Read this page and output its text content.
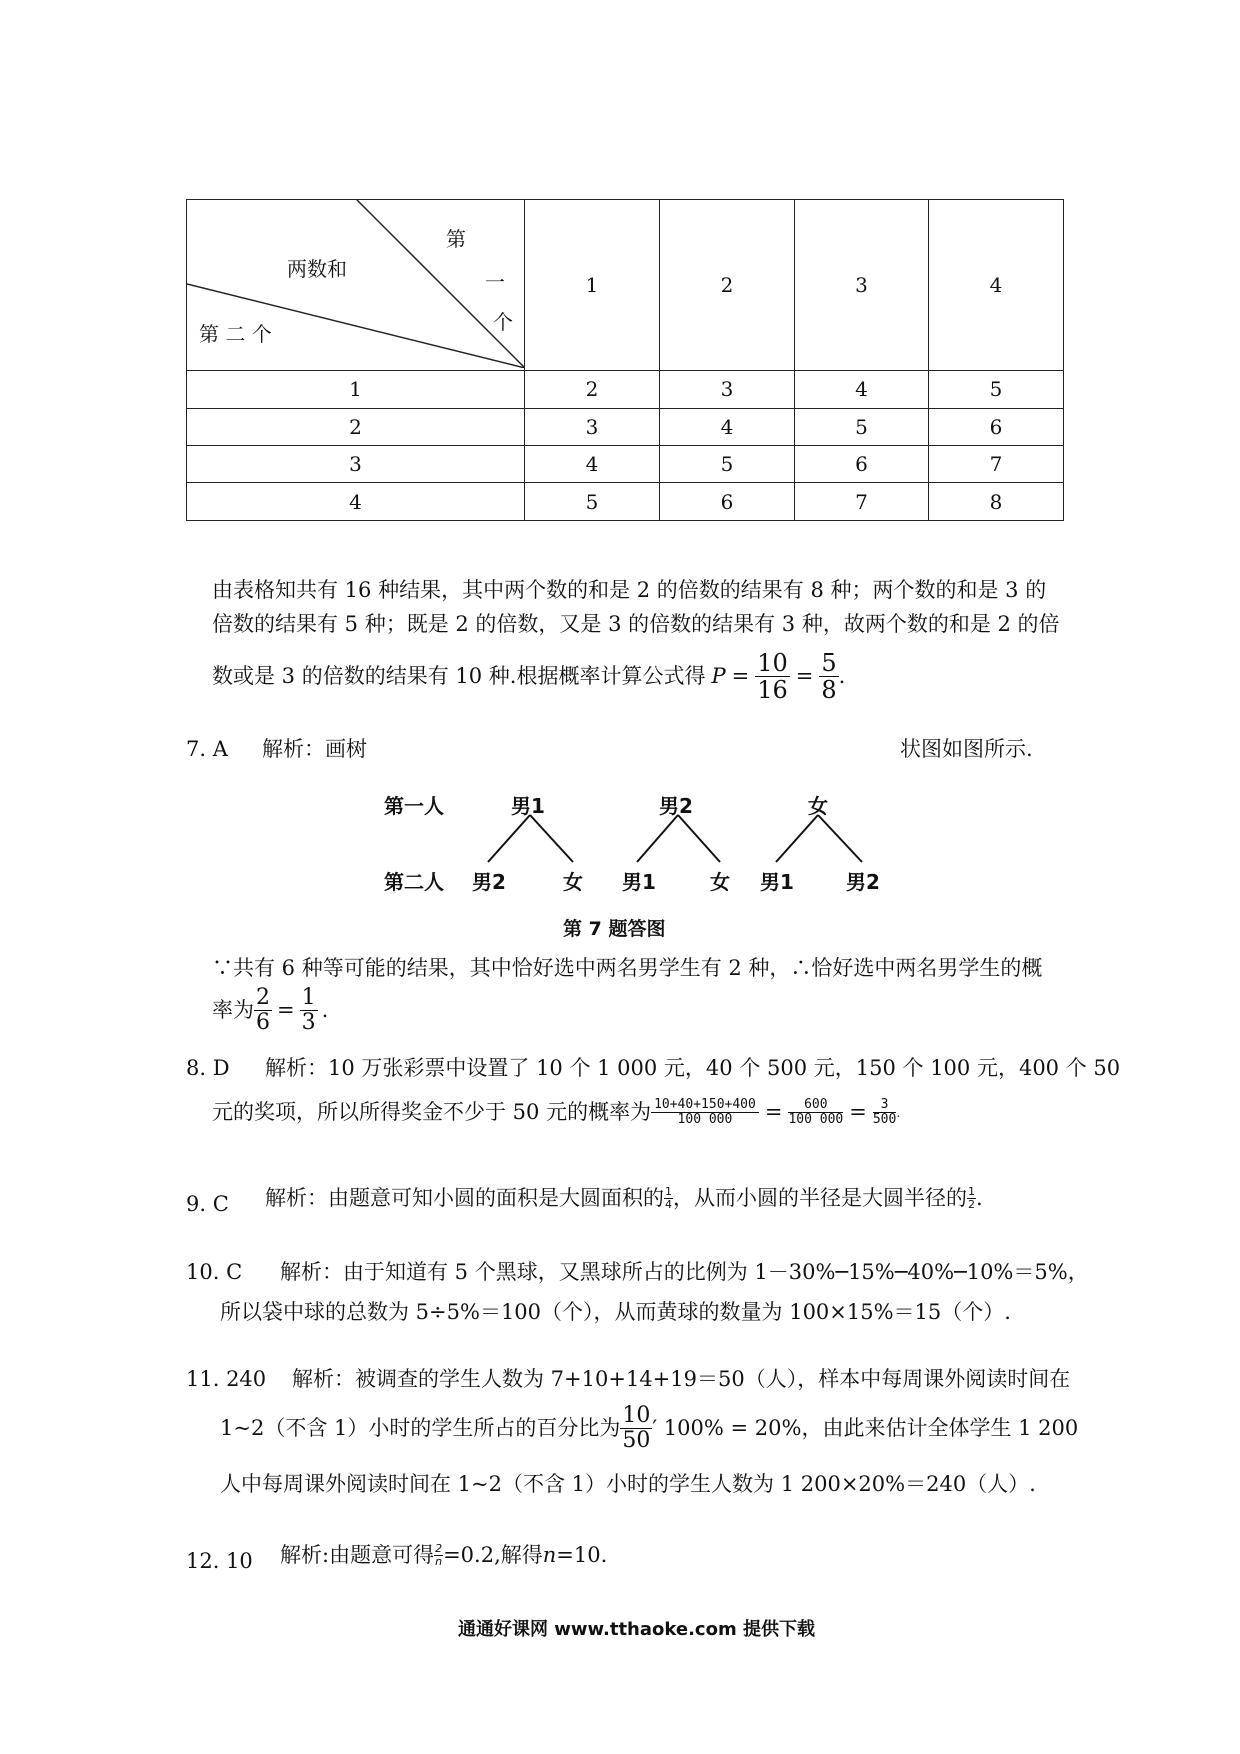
第
一
个
两数和
第 二 个	1	2	3	4
1	2	3	4	5
2	3	4	5	6
3	4	5	6	7
4	5	6	7	8
由表格知共有 16 种结果，其中两个数的和是 2 的倍数的结果有 8 种；两个数的和是 3 的
倍数的结果有 5 种；既是 2 的倍数，又是 3 的倍数的结果有 3 种，故两个数的和是 2 的倍
数或是 3 的倍数的结果有 10 种.根据概率计算公式得 $P = \frac{10}{16} = \frac{5}{8}$ .
7. A 解析：画树	状图如图所示.
第一人
第二人
男1	男2	女
男2	女 男1	女 男1	男2
第 7 题答图
∵共有 6 种等可能的结果，其中恰好选中两名男学生有 2 种，∴恰好选中两名男学生的概
率为 $\frac{2}{6} = \frac{1}{3}$ .
8. D 解析：10 万张彩票中设置了 10 个 1 000 元，40 个 500 元，150 个 100 元，400 个 50
元的奖项，所以所得奖金不少于 50 元的概率为 $\frac{10+40+150+400}{100 000} = \frac{600}{100 000} = \frac{3}{500}$ .
9. C 解析：由题意可知小圆的面积是大圆面积的 $\frac{1}{4}$ ，从而小圆的半径是大圆半径的 $\frac{1}{2}$ .
10. C 解析：由于知道有 5 个黑球，又黑球所占的比例为 1－30%─15%─40%─10%＝5%，
所以袋中球的总数为 5÷5%＝100（个），从而黄球的数量为 100×15%＝15（个）.
11. 240 解析：被调查的学生人数为 7+10+14+19＝50（人），样本中每周课外阅读时间在
1~2（不含 1）小时的学生所占的百分比为 $\frac{10}{50}$ ′ 100% = 20%，由此来估计全体学生 1 200
人中每周课外阅读时间在 1~2（不含 1）小时的学生人数为 1 200×20%＝240（人）.
12. 10 解析:由题意可得 $\frac{2}{n} =0.2$,解得 n =10.
通通好课网 www.tthaoke.com 提供下载
